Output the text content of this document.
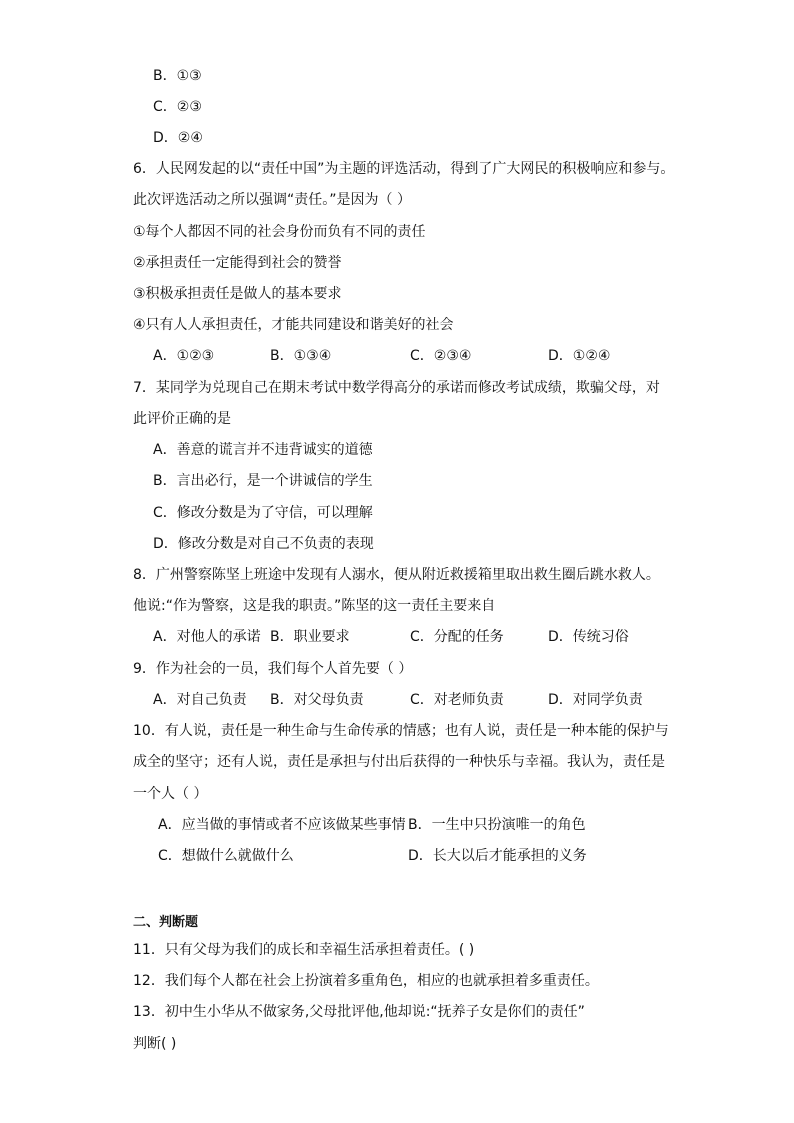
B．①③
C．②③
D．②④
6．人民网发起的以“责任中国”为主题的评选活动，得到了广大网民的积极响应和参与。
此次评选活动之所以强调“责任。”是因为（ ）
①每个人都因不同的社会身份而负有不同的责任
②承担责任一定能得到社会的赞誉
③积极承担责任是做人的基本要求
④只有人人承担责任，才能共同建设和谐美好的社会
A．①②③	B．①③④	C．②③④	D．①②④
7．某同学为兑现自己在期末考试中数学得高分的承诺而修改考试成绩，欺骗父母，对
此评价正确的是
A．善意的谎言并不违背诚实的道德
B．言出必行，是一个讲诚信的学生
C．修改分数是为了守信，可以理解
D．修改分数是对自己不负责的表现
8．广州警察陈坚上班途中发现有人溺水，便从附近救援箱里取出救生圈后跳水救人。
他说:“作为警察，这是我的职责。”陈坚的这一责任主要来自
A．对他人的承诺 B．职业要求	C．分配的任务	D．传统习俗
9．作为社会的一员，我们每个人首先要（ ）
A．对自己负责 B．对父母负责	C．对老师负责	D．对同学负责
10．有人说，责任是一种生命与生命传承的情感；也有人说，责任是一种本能的保护与
成全的坚守；还有人说，责任是承担与付出后获得的一种快乐与幸福。我认为，责任是
一个人（ ）
A．应当做的事情或者不应该做某些事情 B．一生中只扮演唯一的角色
C．想做什么就做什么	D．长大以后才能承担的义务
二、判断题
11．只有父母为我们的成长和幸福生活承担着责任。( )
12．我们每个人都在社会上扮演着多重角色，相应的也就承担着多重责任。
13．初中生小华从不做家务,父母批评他,他却说:“抚养子女是你们的责任”
判断( )
